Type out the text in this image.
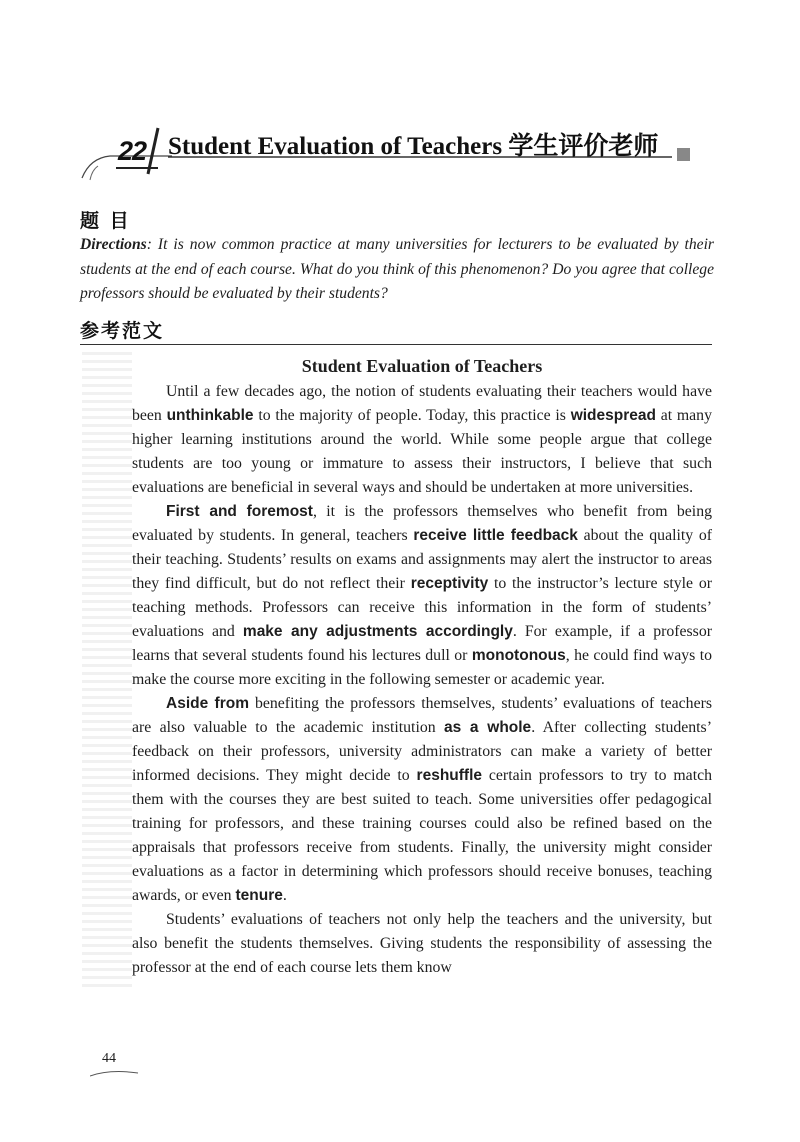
22 Student Evaluation of Teachers 学生评价老师
题 目
Directions: It is now common practice at many universities for lecturers to be evaluated by their students at the end of each course. What do you think of this phenomenon? Do you agree that college professors should be evaluated by their students?
参考范文
Student Evaluation of Teachers

Until a few decades ago, the notion of students evaluating their teachers would have been unthinkable to the majority of people. Today, this practice is widespread at many higher learning institutions around the world. While some people argue that college students are too young or immature to assess their instructors, I believe that such evaluations are beneficial in several ways and should be undertaken at more universities.

First and foremost, it is the professors themselves who benefit from being evaluated by students. In general, teachers receive little feedback about the quality of their teaching. Students’ results on exams and assignments may alert the instructor to areas they find difficult, but do not reflect their receptivity to the instructor’s lecture style or teaching methods. Professors can receive this information in the form of students’ evaluations and make any adjustments accordingly. For example, if a professor learns that several students found his lectures dull or monotonous, he could find ways to make the course more exciting in the following semester or academic year.

Aside from benefiting the professors themselves, students’ evaluations of teachers are also valuable to the academic institution as a whole. After collecting students’ feedback on their professors, university administrators can make a variety of better informed decisions. They might decide to reshuffle certain professors to try to match them with the courses they are best suited to teach. Some universities offer pedagogical training for professors, and these training courses could also be refined based on the appraisals that professors receive from students. Finally, the university might consider evaluations as a factor in determining which professors should receive bonuses, teaching awards, or even tenure.

Students’ evaluations of teachers not only help the teachers and the university, but also benefit the students themselves. Giving students the responsibility of assessing the professor at the end of each course lets them know

44
